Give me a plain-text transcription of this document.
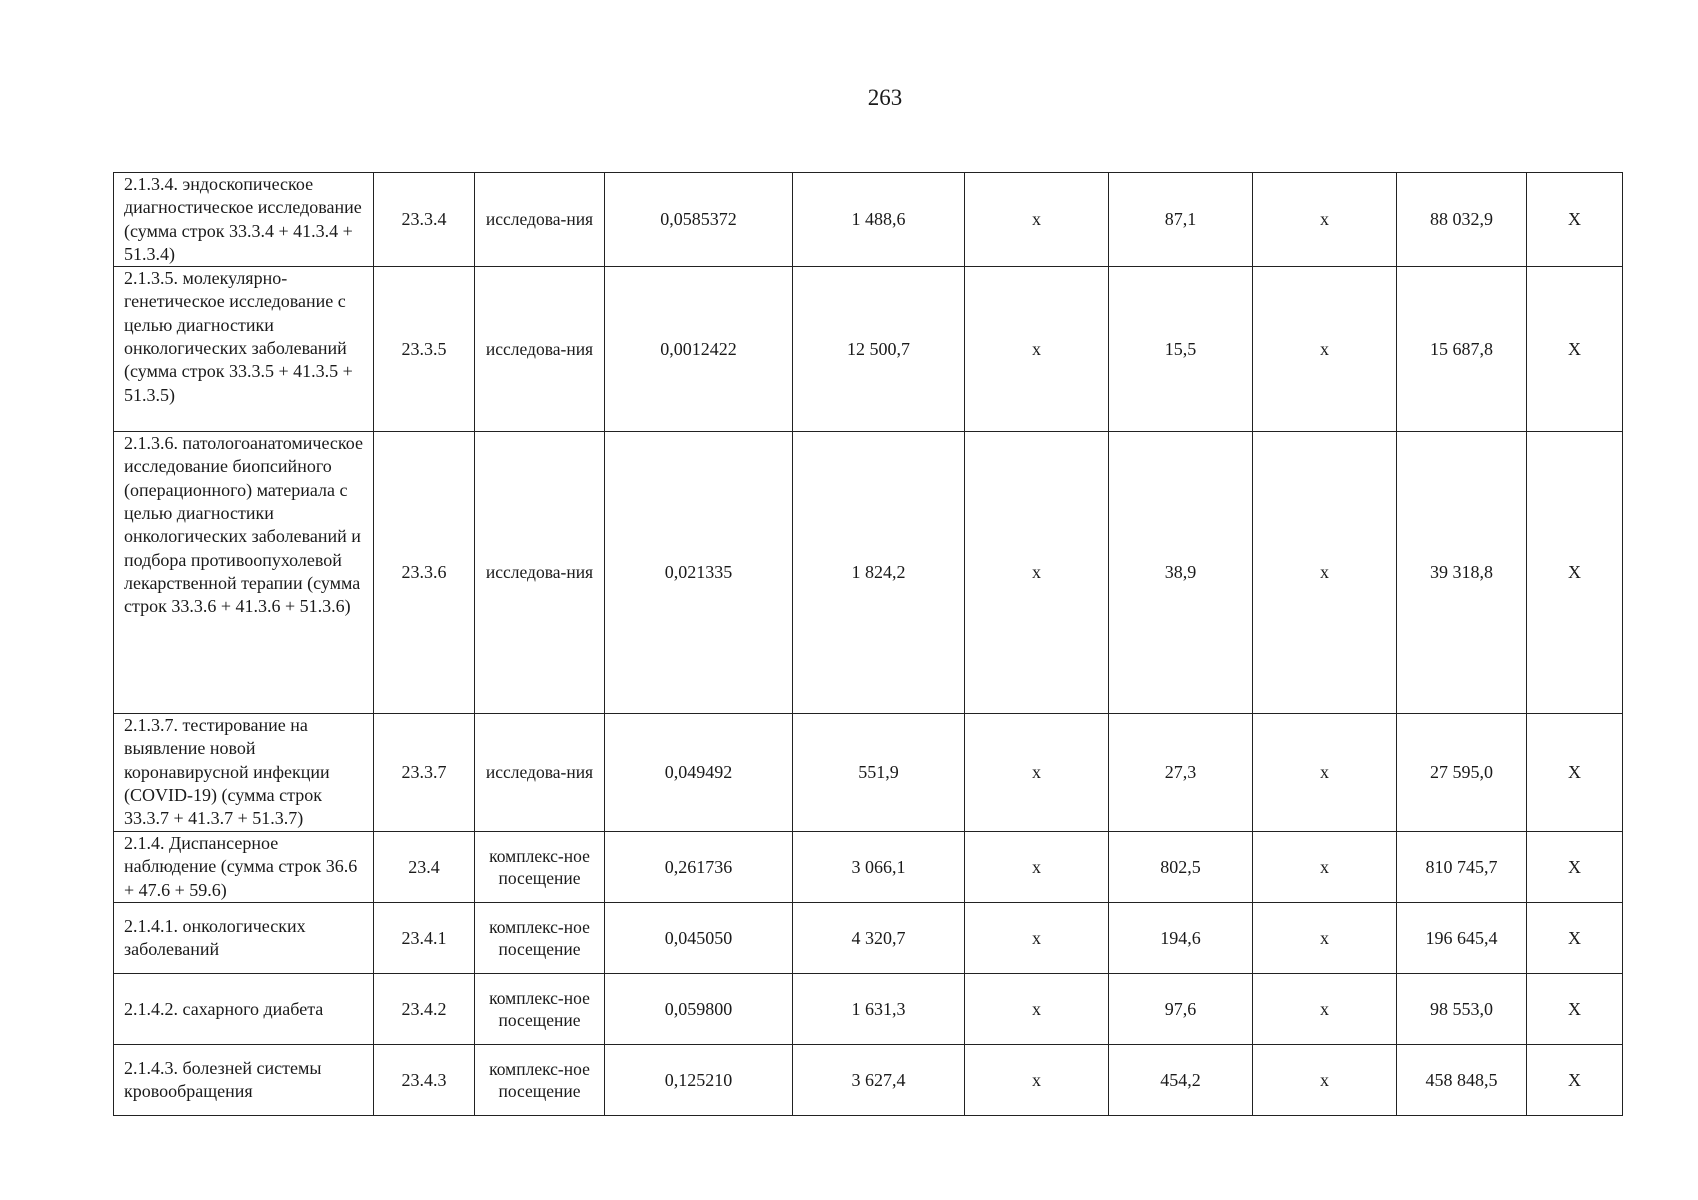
263
2.1.3.4. эндоскопическое диагностическое исследование (сумма строк 33.3.4 + 41.3.4 + 51.3.4)	23.3.4	исследова-ния	0,0585372	1 488,6	х	87,1	х	88 032,9	Х
2.1.3.5. молекулярно-генетическое исследование с целью диагностики онкологических заболеваний (сумма строк 33.3.5 + 41.3.5 + 51.3.5)	23.3.5	исследова-ния	0,0012422	12 500,7	х	15,5	х	15 687,8	Х
2.1.3.6. патологоанатомическое исследование биопсийного (операционного) материала с целью диагностики онкологических заболеваний и подбора противоопухолевой лекарственной терапии (сумма строк 33.3.6 + 41.3.6 + 51.3.6)	23.3.6	исследова-ния	0,021335	1 824,2	х	38,9	х	39 318,8	Х
2.1.3.7. тестирование на выявление новой коронавирусной инфекции (COVID-19) (сумма строк 33.3.7 + 41.3.7 + 51.3.7)	23.3.7	исследова-ния	0,049492	551,9	х	27,3	х	27 595,0	Х
2.1.4. Диспансерное наблюдение (сумма строк 36.6 + 47.6 + 59.6)	23.4	комплекс-ное посещение	0,261736	3 066,1	х	802,5	х	810 745,7	Х
2.1.4.1. онкологических заболеваний	23.4.1	комплекс-ное посещение	0,045050	4 320,7	х	194,6	х	196 645,4	Х
2.1.4.2. сахарного диабета	23.4.2	комплекс-ное посещение	0,059800	1 631,3	х	97,6	х	98 553,0	Х
2.1.4.3. болезней системы кровообращения	23.4.3	комплекс-ное посещение	0,125210	3 627,4	х	454,2	х	458 848,5	Х
